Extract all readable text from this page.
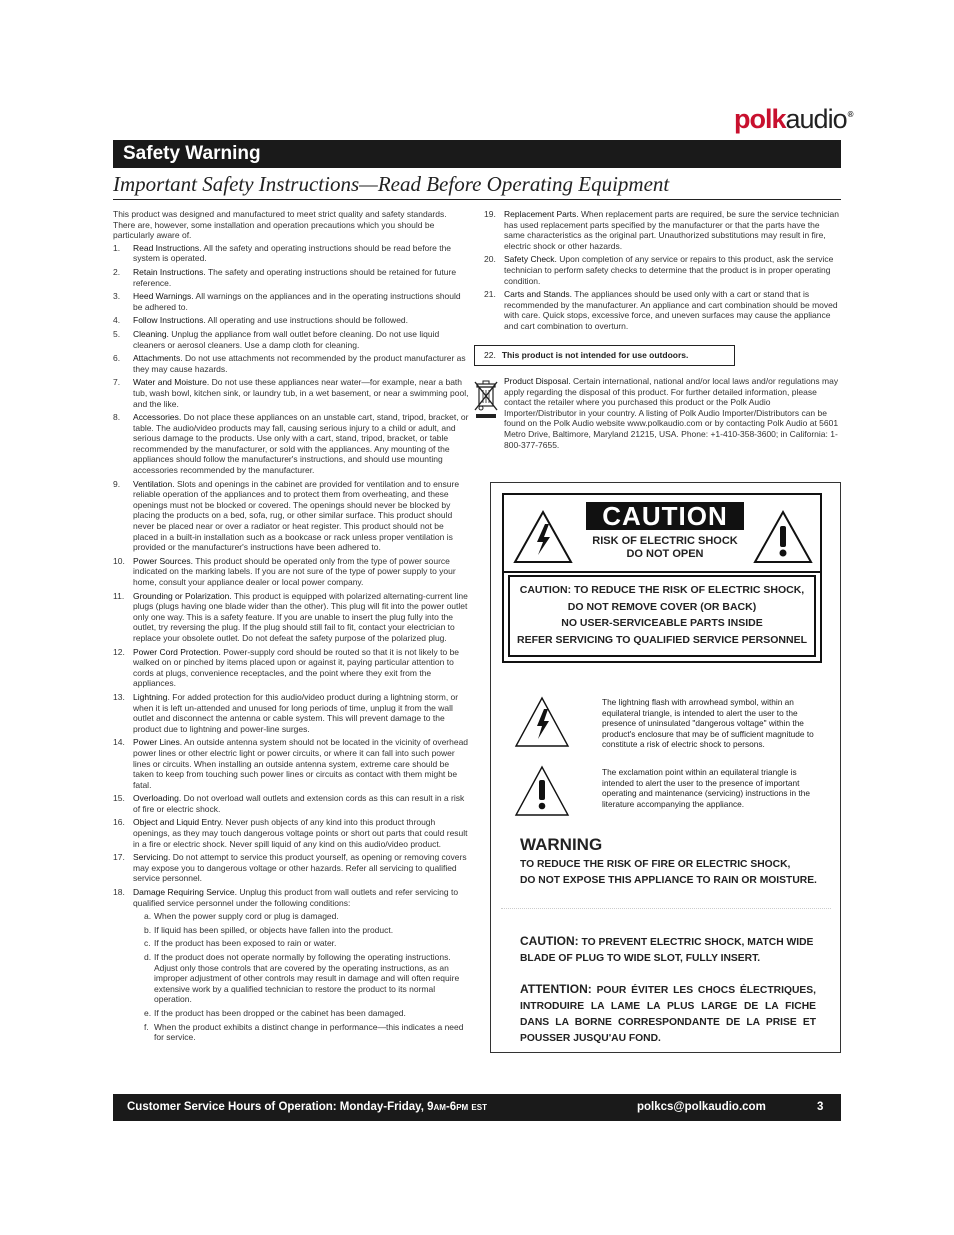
polkaudio®
Safety Warning
Important Safety Instructions—Read Before Operating Equipment

This product was designed and manufactured to meet strict quality and safety standards. There are, however, some installation and operation precautions which you should be particularly aware of.

1.	Read Instructions. All the safety and operating instructions should be read before the system is operated.
2.	Retain Instructions. The safety and operating instructions should be retained for future reference.
3.	Heed Warnings. All warnings on the appliances and in the operating instructions should be adhered to.
4.	Follow Instructions. All operating and use instructions should be followed.
5.	Cleaning. Unplug the appliance from wall outlet before cleaning. Do not use liquid cleaners or aerosol cleaners. Use a damp cloth for cleaning.
6.	Attachments. Do not use attachments not recommended by the product manufacturer as they may cause hazards.
7.	Water and Moisture. Do not use these appliances near water—for example, near a bath tub, wash bowl, kitchen sink, or laundry tub, in a wet basement, or near a swimming pool, and the like.
8.	Accessories. Do not place these appliances on an unstable cart, stand, tripod, bracket, or table. The audio/video products may fall, causing serious injury to a child or adult, and serious damage to the products. Use only with a cart, stand, tripod, bracket, or table recommended by the manufacturer, or sold with the appliances. Any mounting of the appliances should follow the manufacturer's instructions, and should use mounting accessories recommended by the manufacturer.
9.	Ventilation. Slots and openings in the cabinet are provided for ventilation and to ensure reliable operation of the appliances and to protect them from overheating, and these openings must not be blocked or covered. The openings should never be blocked by placing the products on a bed, sofa, rug, or other similar surface. This product should never be placed near or over a radiator or heat register. This product should not be placed in a built-in installation such as a bookcase or rack unless proper ventilation is provided or the manufacturer's instructions have been adhered to.
10. Power Sources. This product should be operated only from the type of power source indicated on the marking labels. If you are not sure of the type of power supply to your home, consult your appliance dealer or local power company.
11.	Grounding or Polarization. This product is equipped with polarized alternating-current line plugs (plugs having one blade wider than the other). This plug will fit into the power outlet only one way. This is a safety feature. If you are unable to insert the plug fully into the outlet, try reversing the plug. If the plug should still fail to fit, contact your electrician to replace your obsolete outlet. Do not defeat the safety purpose of the polarized plug.
12. Power Cord Protection. Power-supply cord should be routed so that it is not likely to be walked on or pinched by items placed upon or against it, paying particular attention to cords at plugs, convenience receptacles, and the point where they exit from the appliances.
13. Lightning. For added protection for this audio/video product during a lightning storm, or when it is left un-attended and unused for long periods of time, unplug it from the wall outlet and disconnect the antenna or cable system. This will prevent damage to the product due to lightning and power-line surges.
14. Power Lines. An outside antenna system should not be located in the vicinity of overhead power lines or other electric light or power circuits, or where it can fall into such power lines or circuits. When installing an outside antenna system, extreme care should be taken to keep from touching such power lines or circuits as contact with them might be fatal.
15. Overloading. Do not overload wall outlets and extension cords as this can result in a risk of fire or electric shock.
16. Object and Liquid Entry. Never push objects of any kind into this product through openings, as they may touch dangerous voltage points or short out parts that could result in a fire or electric shock. Never spill liquid of any kind on this audio/video product.
17. Servicing. Do not attempt to service this product yourself, as opening or removing covers may expose you to dangerous voltage or other hazards. Refer all servicing to qualified service personnel.
18. Damage Requiring Service. Unplug this product from wall outlets and refer servicing to qualified service personnel under the following conditions:
a. When the power supply cord or plug is damaged.
b. If liquid has been spilled, or objects have fallen into the product.
c. If the product has been exposed to rain or water.
d. If the product does not operate normally by following the operating instructions. Adjust only those controls that are covered by the operating instructions, as an improper adjustment of other controls may result in damage and will often require extensive work by a qualified technician to restore the product to its normal operation.
e. If the product has been dropped or the cabinet has been damaged.
f. When the product exhibits a distinct change in performance—this indicates a need for service.
19. Replacement Parts. When replacement parts are required, be sure the service technician has used replacement parts specified by the manufacturer or that the parts have the same characteristics as the original part. Unauthorized substitutions may result in fire, electric shock or other hazards.
20. Safety Check. Upon completion of any service or repairs to this product, ask the service technician to perform safety checks to determine that the product is in proper operating condition.
21. Carts and Stands. The appliances should be used only with a cart or stand that is recommended by the manufacturer. An appliance and cart combination should be moved with care. Quick stops, excessive force, and uneven surfaces may cause the appliance and cart combination to overturn.
22. This product is not intended for use outdoors.
Product Disposal. Certain international, national and/or local laws and/or regulations may apply regarding the disposal of this product. For further detailed information, please contact the retailer where you purchased this product or the Polk Audio Importer/Distributor in your country. A listing of Polk Audio Importer/Distributors can be found on the Polk Audio website www.polkaudio.com or by contacting Polk Audio at 5601 Metro Drive, Baltimore, Maryland 21215, USA. Phone: +1-410-358-3600; in California: 1-800-377-7655.
CAUTION
RISK OF ELECTRIC SHOCK
DO NOT OPEN
CAUTION: TO REDUCE THE RISK OF ELECTRIC SHOCK,
DO NOT REMOVE COVER (OR BACK)
NO USER-SERVICEABLE PARTS INSIDE
REFER SERVICING TO QUALIFIED SERVICE PERSONNEL
The lightning flash with arrowhead symbol, within an equilateral triangle, is intended to alert the user to the presence of uninsulated "dangerous voltage" within the product's enclosure that may be of sufficient magnitude to constitute a risk of electric shock to persons.
The exclamation point within an equilateral triangle is intended to alert the user to the presence of important operating and maintenance (servicing) instructions in the literature accompanying the appliance.
WARNING
TO REDUCE THE RISK OF FIRE OR ELECTRIC SHOCK,
DO NOT EXPOSE THIS APPLIANCE TO RAIN OR MOISTURE.
CAUTION: TO PREVENT ELECTRIC SHOCK, MATCH WIDE BLADE OF PLUG TO WIDE SLOT, FULLY INSERT.
ATTENTION: POUR ÉVITER LES CHOCS ÉLECTRIQUES, INTRODUIRE LA LAME LA PLUS LARGE DE LA FICHE DANS LA BORNE CORRESPONDANTE DE LA PRISE ET POUSSER JUSQU'AU FOND.
Customer Service Hours of Operation: Monday-Friday, 9AM-6PM EST	polkcs@polkaudio.com	3
